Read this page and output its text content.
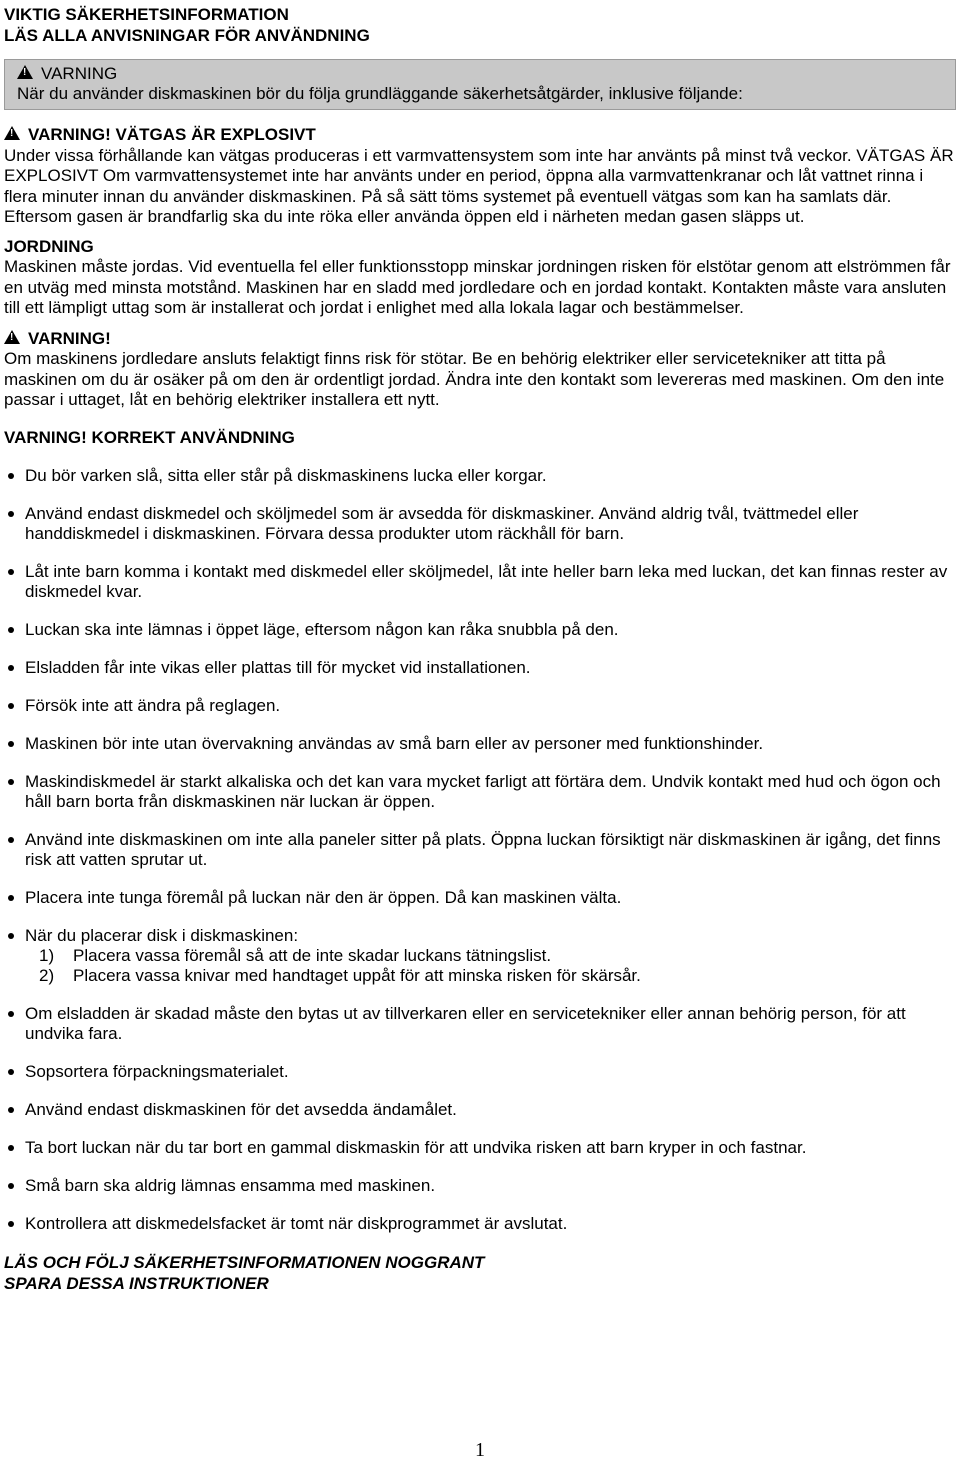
VIKTIG SÄKERHETSINFORMATION
LÄS ALLA ANVISNINGAR FÖR ANVÄNDNING
!VARNING
När du använder diskmaskinen bör du följa grundläggande säkerhetsåtgärder, inklusive följande:
!VARNING! VÄTGAS ÄR EXPLOSIVT

Under vissa förhållande kan vätgas produceras i ett varmvattensystem som inte har använts på minst två veckor. VÄTGAS ÄR EXPLOSIVT Om varmvattensystemet inte har använts under en period, öppna alla varmvattenkranar och låt vattnet rinna i flera minuter innan du använder diskmaskinen. På så sätt töms systemet på eventuell vätgas som kan ha samlats där. Eftersom gasen är brandfarlig ska du inte röka eller använda öppen eld i närheten medan gasen släpps ut.

JORDNING

Maskinen måste jordas. Vid eventuella fel eller funktionsstopp minskar jordningen risken för elstötar genom att elströmmen får en utväg med minsta motstånd. Maskinen har en sladd med jordledare och en jordad kontakt. Kontakten måste vara ansluten till ett lämpligt uttag som är installerat och jordat i enlighet med alla lokala lagar och bestämmelser.

!VARNING!

Om maskinens jordledare ansluts felaktigt finns risk för stötar. Be en behörig elektriker eller servicetekniker att titta på maskinen om du är osäker på om den är ordentligt jordad. Ändra inte den kontakt som levereras med maskinen. Om den inte passar i uttaget, låt en behörig elektriker installera ett nytt.

VARNING! KORREKT ANVÄNDNING
Du bör varken slå, sitta eller står på diskmaskinens lucka eller korgar.
Använd endast diskmedel och sköljmedel som är avsedda för diskmaskiner. Använd aldrig tvål, tvättmedel eller handdiskmedel i diskmaskinen. Förvara dessa produkter utom räckhåll för barn.
Låt inte barn komma i kontakt med diskmedel eller sköljmedel, låt inte heller barn leka med luckan, det kan finnas rester av diskmedel kvar.
Luckan ska inte lämnas i öppet läge, eftersom någon kan råka snubbla på den.
Elsladden får inte vikas eller plattas till för mycket vid installationen.
Försök inte att ändra på reglagen.
Maskinen bör inte utan övervakning användas av små barn eller av personer med funktionshinder.
Maskindiskmedel är starkt alkaliska och det kan vara mycket farligt att förtära dem. Undvik kontakt med hud och ögon och håll barn borta från diskmaskinen när luckan är öppen.
Använd inte diskmaskinen om inte alla paneler sitter på plats. Öppna luckan försiktigt när diskmaskinen är igång, det finns risk att vatten sprutar ut.
Placera inte tunga föremål på luckan när den är öppen. Då kan maskinen välta.
När du placerar disk i diskmaskinen:
1) Placera vassa föremål så att de inte skadar luckans tätningslist.
2) Placera vassa knivar med handtaget uppåt för att minska risken för skärsår.
Om elsladden är skadad måste den bytas ut av tillverkaren eller en servicetekniker eller annan behörig person, för att undvika fara.
Sopsortera förpackningsmaterialet.
Använd endast diskmaskinen för det avsedda ändamålet.
Ta bort luckan när du tar bort en gammal diskmaskin för att undvika risken att barn kryper in och fastnar.
Små barn ska aldrig lämnas ensamma med maskinen.
Kontrollera att diskmedelsfacket är tomt när diskprogrammet är avslutat.
LÄS OCH FÖLJ SÄKERHETSINFORMATIONEN NOGGRANT
SPARA DESSA INSTRUKTIONER
1
